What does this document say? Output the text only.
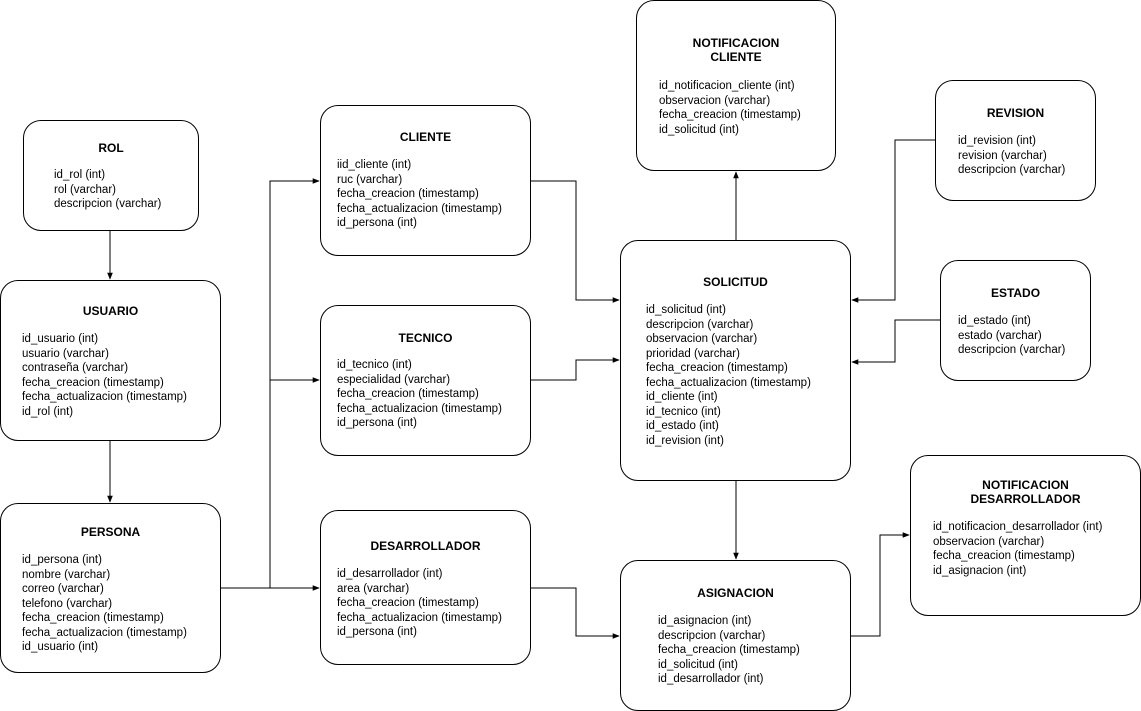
ROL
id_rol (int)
rol (varchar)
descripcion (varchar)
USUARIO
id_usuario (int)
usuario (varchar)
contraseña (varchar)
fecha_creacion (timestamp)
fecha_actualizacion (timestamp)
id_rol (int)
PERSONA
id_persona (int)
nombre (varchar)
correo (varchar)
telefono (varchar)
fecha_creacion (timestamp)
fecha_actualizacion (timestamp)
id_usuario (int)
CLIENTE
iid_cliente (int)
ruc (varchar)
fecha_creacion (timestamp)
fecha_actualizacion (timestamp)
id_persona (int)
TECNICO
id_tecnico (int)
especialidad (varchar)
fecha_creacion (timestamp)
fecha_actualizacion (timestamp)
id_persona (int)
DESARROLLADOR
id_desarrollador (int)
area (varchar)
fecha_creacion (timestamp)
fecha_actualizacion (timestamp)
id_persona (int)
NOTIFICACION
CLIENTE
id_notificacion_cliente (int)
observacion (varchar)
fecha_creacion (timestamp)
id_solicitud (int)
SOLICITUD
id_solicitud (int)
descripcion (varchar)
observacion (varchar)
prioridad (varchar)
fecha_creacion (timestamp)
fecha_actualizacion (timestamp)
id_cliente (int)
id_tecnico (int)
id_estado (int)
id_revision (int)
REVISION
id_revision (int)
revision (varchar)
descripcion (varchar)
ESTADO
id_estado (int)
estado (varchar)
descripcion (varchar)
ASIGNACION
id_asignacion (int)
descripcion (varchar)
fecha_creacion (timestamp)
id_solicitud (int)
id_desarrollador (int)
NOTIFICACION
DESARROLLADOR
id_notificacion_desarrollador (int)
observacion (varchar)
fecha_creacion (timestamp)
id_asignacion (int)
